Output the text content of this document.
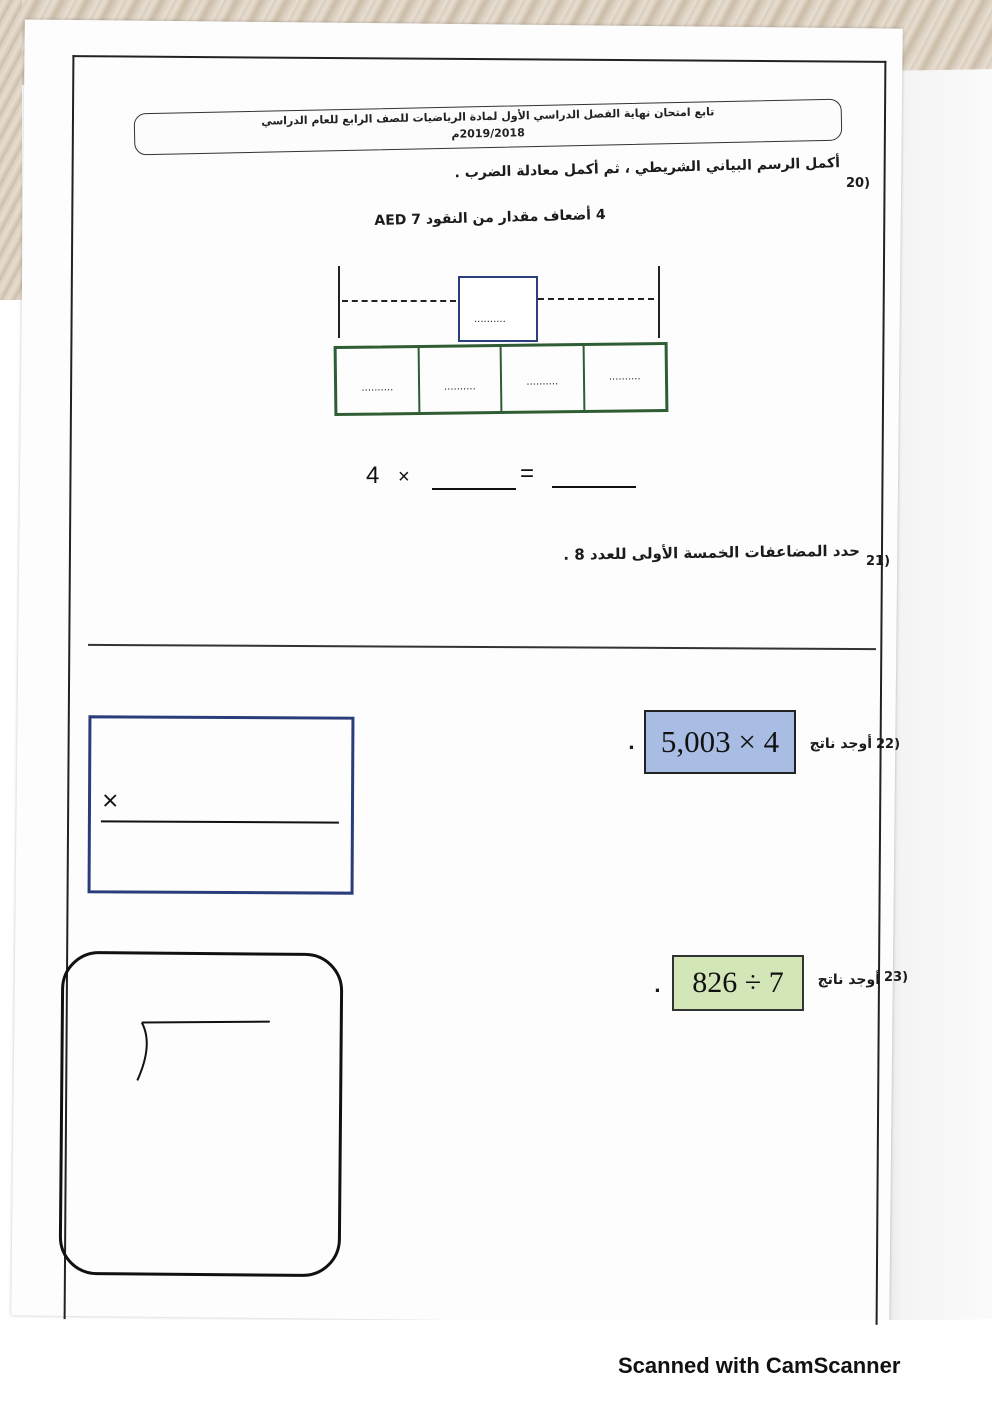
تابع امتحان نهاية الفصل الدراسي الأول لمادة الرياضيات للصف الرابع للعام الدراسي
2019/2018م
20)
أكمل الرسم البياني الشريطي ، ثم أكمل معادلة الضرب .
4 أضعاف مقدار من النقود AED 7
..........
..........	..........	..........	..........
4 ×	=
21)
حدد المضاعفات الخمسة الأولى للعدد 8 .
22)
أوجد ناتج
5,003 × 4
.
×
23)
أوجد ناتج
826 ÷ 7
.
Scanned with CamScanner
